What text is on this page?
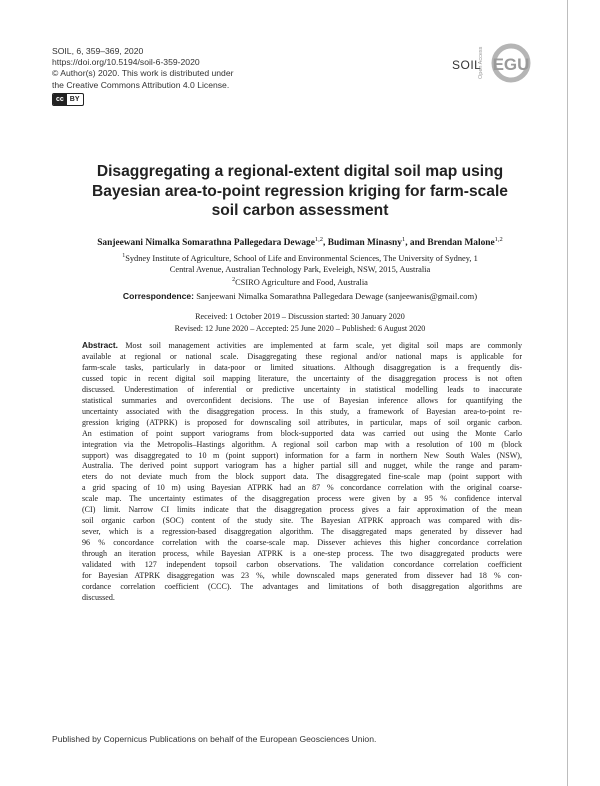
SOIL, 6, 359–369, 2020
https://doi.org/10.5194/soil-6-359-2020
© Author(s) 2020. This work is distributed under
the Creative Commons Attribution 4.0 License.
cc BY
SOIL
Open Access EGU
Disaggregating a regional-extent digital soil map using
Bayesian area-to-point regression kriging for farm-scale
soil carbon assessment
Sanjeewani Nimalka Somarathna Pallegedara Dewage$^{1,2}$, Budiman Minasny$^1$, and Brendan Malone$^{1,2}$
$^1$Sydney Institute of Agriculture, School of Life and Environmental Sciences, The University of Sydney, 1
Central Avenue, Australian Technology Park, Eveleigh, NSW, 2015, Australia
$^2$CSIRO Agriculture and Food, Australia
Correspondence: Sanjeewani Nimalka Somarathna Pallegedara Dewage (sanjeewanis@gmail.com)
Received: 1 October 2019 – Discussion started: 30 January 2020
Revised: 12 June 2020 – Accepted: 25 June 2020 – Published: 6 August 2020
Abstract. Most soil management activities are implemented at farm scale, yet digital soil maps are commonly
available at regional or national scale. Disaggregating these regional and/or national maps is applicable for
farm-scale tasks, particularly in data-poor or limited situations. Although disaggregation is a frequently dis-
cussed topic in recent digital soil mapping literature, the uncertainty of the disaggregation process is not often
discussed. Underestimation of inferential or predictive uncertainty in statistical modelling leads to inaccurate
statistical summaries and overconfident decisions. The use of Bayesian inference allows for quantifying the
uncertainty associated with the disaggregation process. In this study, a framework of Bayesian area-to-point re-
gression kriging (ATPRK) is proposed for downscaling soil attributes, in particular, maps of soil organic carbon.
An estimation of point support variograms from block-supported data was carried out using the Monte Carlo
integration via the Metropolis–Hastings algorithm. A regional soil carbon map with a resolution of 100 m (block
support) was disaggregated to 10 m (point support) information for a farm in northern New South Wales (NSW),
Australia. The derived point support variogram has a higher partial sill and nugget, while the range and param-
eters do not deviate much from the block support data. The disaggregated fine-scale map (point support with
a grid spacing of 10 m) using Bayesian ATPRK had an 87 % concordance correlation with the original coarse-
scale map. The uncertainty estimates of the disaggregation process were given by a 95 % confidence interval
(CI) limit. Narrow CI limits indicate that the disaggregation process gives a fair approximation of the mean
soil organic carbon (SOC) content of the study site. The Bayesian ATPRK approach was compared with dis-
sever, which is a regression-based disaggregation algorithm. The disaggregated maps generated by dissever had
96 % concordance correlation with the coarse-scale map. Dissever achieves this higher concordance correlation
through an iteration process, while Bayesian ATPRK is a one-step process. The two disaggregated products were
validated with 127 independent topsoil carbon observations. The validation concordance correlation coefficient
for Bayesian ATPRK disaggregation was 23 %, while downscaled maps generated from dissever had 18 % con-
cordance correlation coefficient (CCC). The advantages and limitations of both disaggregation algorithms are
discussed.
Published by Copernicus Publications on behalf of the European Geosciences Union.
